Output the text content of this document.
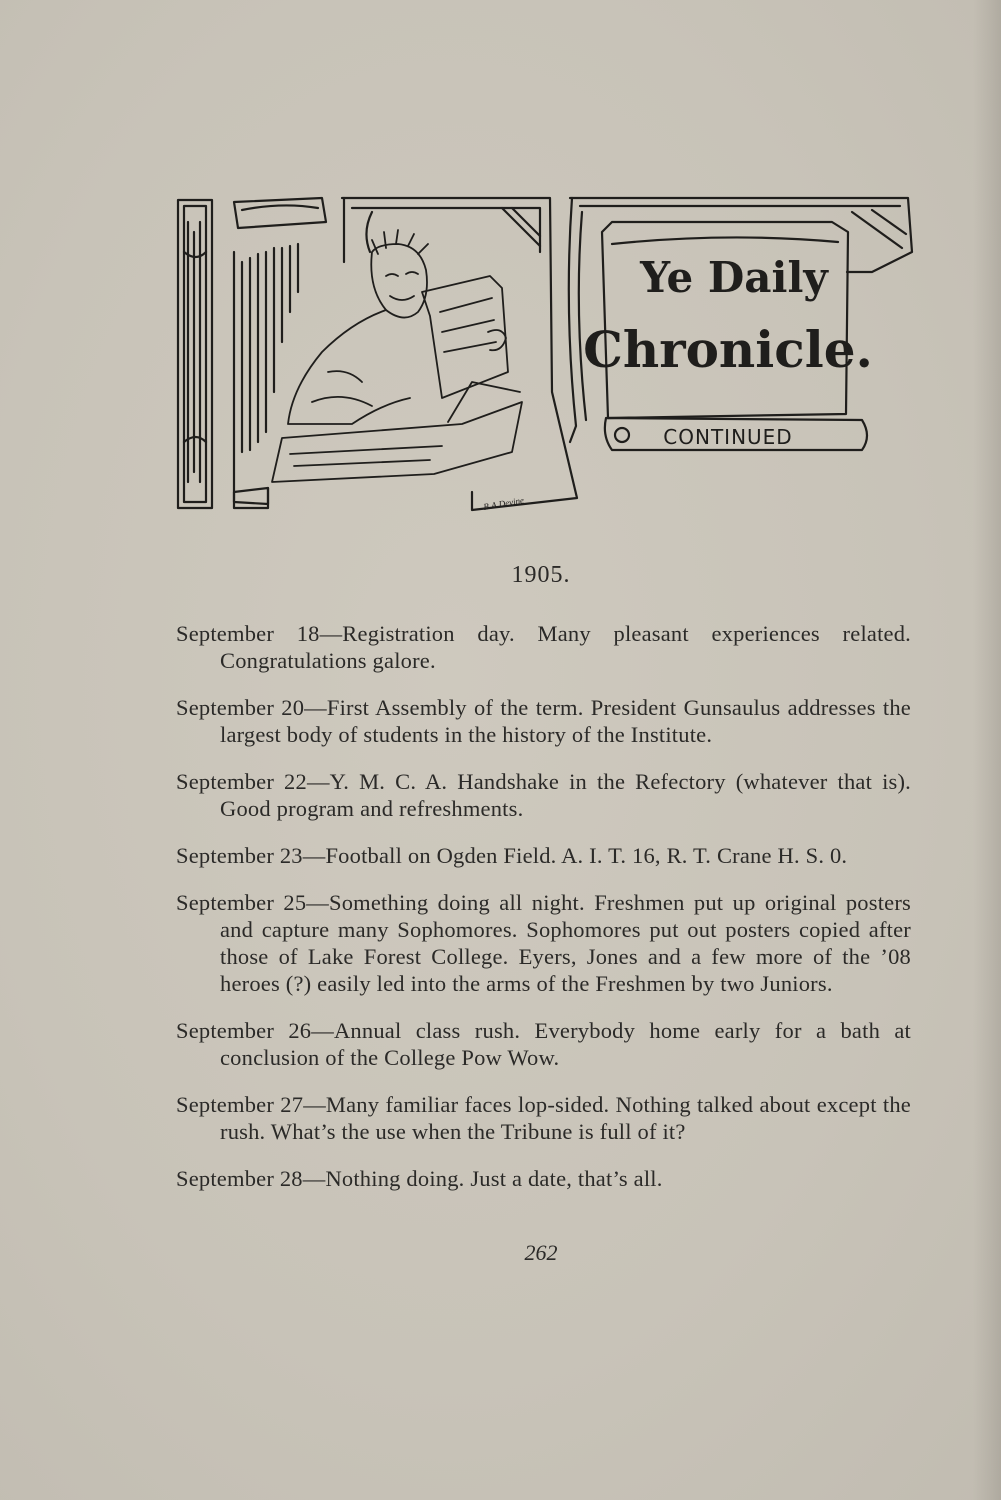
Ye Daily
Chronicle.
CONTINUED
B.A.Devine
1905.

September 18—Registration day. Many pleasant experiences related. Congratulations galore.

September 20—First Assembly of the term. President Gunsaulus addresses the largest body of students in the history of the Institute.

September 22—Y. M. C. A. Handshake in the Refectory (whatever that is). Good program and refreshments.

September 23—Football on Ogden Field. A. I. T. 16, R. T. Crane H. S. 0.

September 25—Something doing all night. Freshmen put up original posters and capture many Sophomores. Sophomores put out posters copied after those of Lake Forest College. Eyers, Jones and a few more of the ’08 heroes (?) easily led into the arms of the Freshmen by two Juniors.

September 26—Annual class rush. Everybody home early for a bath at conclusion of the College Pow Wow.

September 27—Many familiar faces lop-sided. Nothing talked about except the rush. What’s the use when the Tribune is full of it?

September 28—Nothing doing. Just a date, that’s all.

262
